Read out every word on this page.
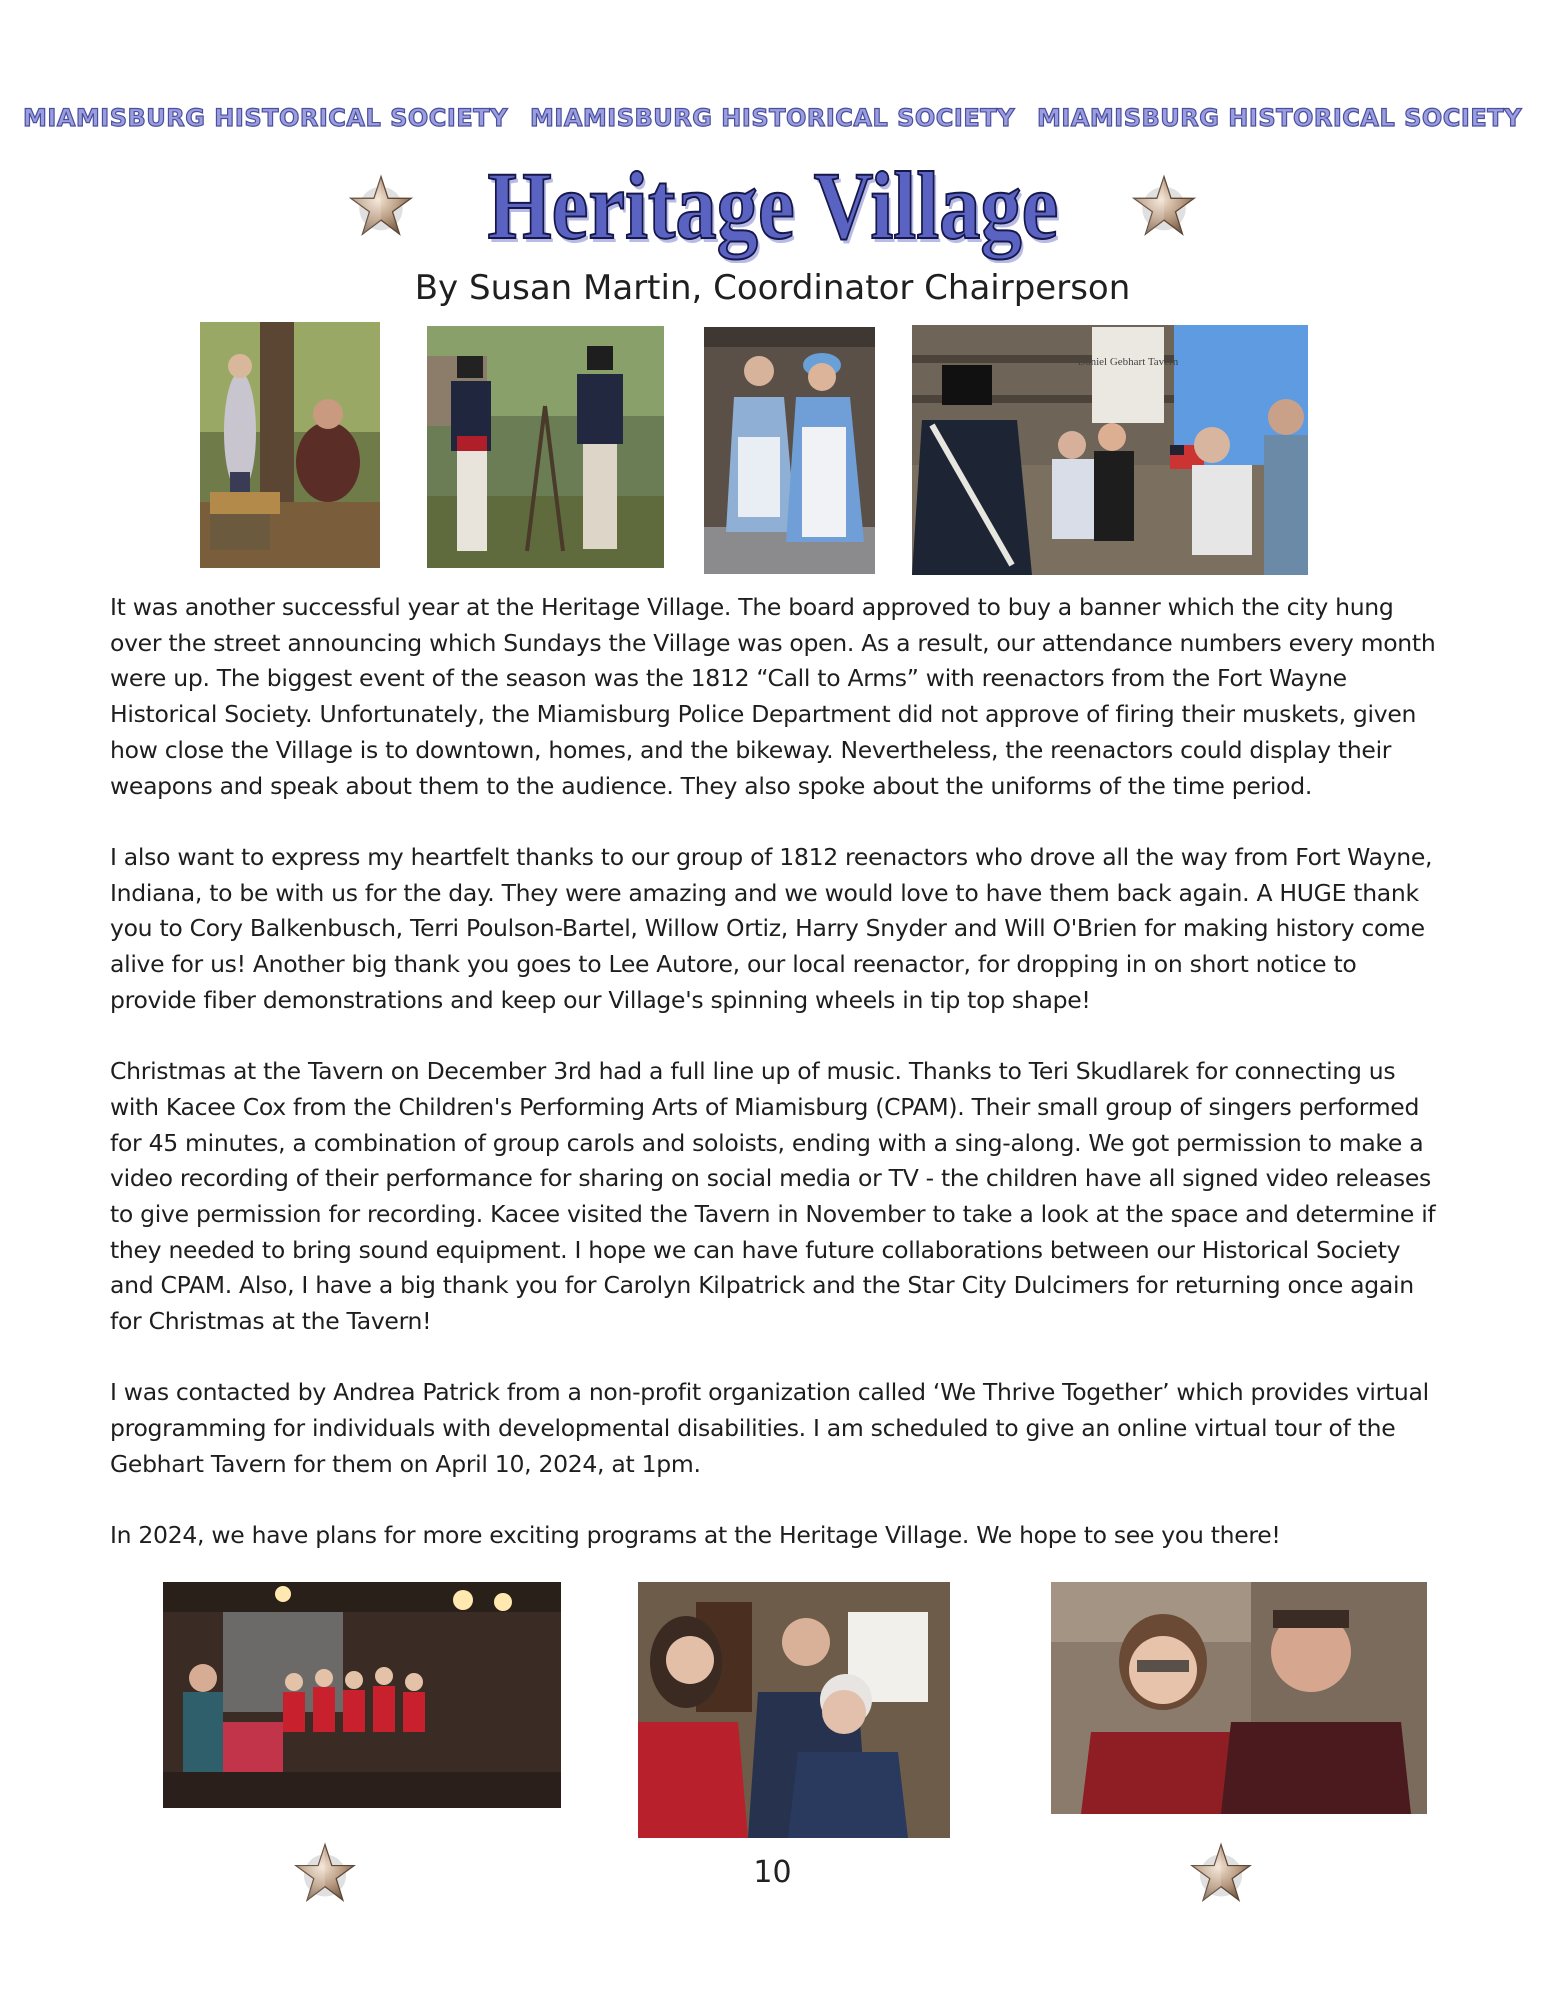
MIAMISBURG HISTORICAL SOCIETY MIAMISBURG HISTORICAL SOCIETY MIAMISBURG HISTORICAL SOCIETY
Heritage Village
By Susan Martin, Coordinator Chairperson
Daniel Gebhart Tavern

It was another successful year at the Heritage Village. The board approved to buy a banner which the city hung over the street announcing which Sundays the Village was open. As a result, our attendance numbers every month were up. The biggest event of the season was the 1812 “Call to Arms” with reenactors from the Fort Wayne Historical Society. Unfortunately, the Miamisburg Police Department did not approve of firing their muskets, given how close the Village is to downtown, homes, and the bikeway. Nevertheless, the reenactors could display their weapons and speak about them to the audience. They also spoke about the uniforms of the time period.

I also want to express my heartfelt thanks to our group of 1812 reenactors who drove all the way from Fort Wayne, Indiana, to be with us for the day. They were amazing and we would love to have them back again. A HUGE thank you to Cory Balkenbusch, Terri Poulson-Bartel, Willow Ortiz, Harry Snyder and Will O'Brien for making history come alive for us! Another big thank you goes to Lee Autore, our local reenactor, for dropping in on short notice to provide fiber demonstrations and keep our Village's spinning wheels in tip top shape!

Christmas at the Tavern on December 3rd had a full line up of music. Thanks to Teri Skudlarek for connecting us with Kacee Cox from the Children's Performing Arts of Miamisburg (CPAM). Their small group of singers performed for 45 minutes, a combination of group carols and soloists, ending with a sing-along. We got permission to make a video recording of their performance for sharing on social media or TV - the children have all signed video releases to give permission for recording. Kacee visited the Tavern in November to take a look at the space and determine if they needed to bring sound equipment. I hope we can have future collaborations between our Historical Society and CPAM. Also, I have a big thank you for Carolyn Kilpatrick and the Star City Dulcimers for returning once again for Christmas at the Tavern!

I was contacted by Andrea Patrick from a non-profit organization called ‘We Thrive Together’ which provides virtual programming for individuals with developmental disabilities. I am scheduled to give an online virtual tour of the Gebhart Tavern for them on April 10, 2024, at 1pm.

In 2024, we have plans for more exciting programs at the Heritage Village. We hope to see you there!

10
